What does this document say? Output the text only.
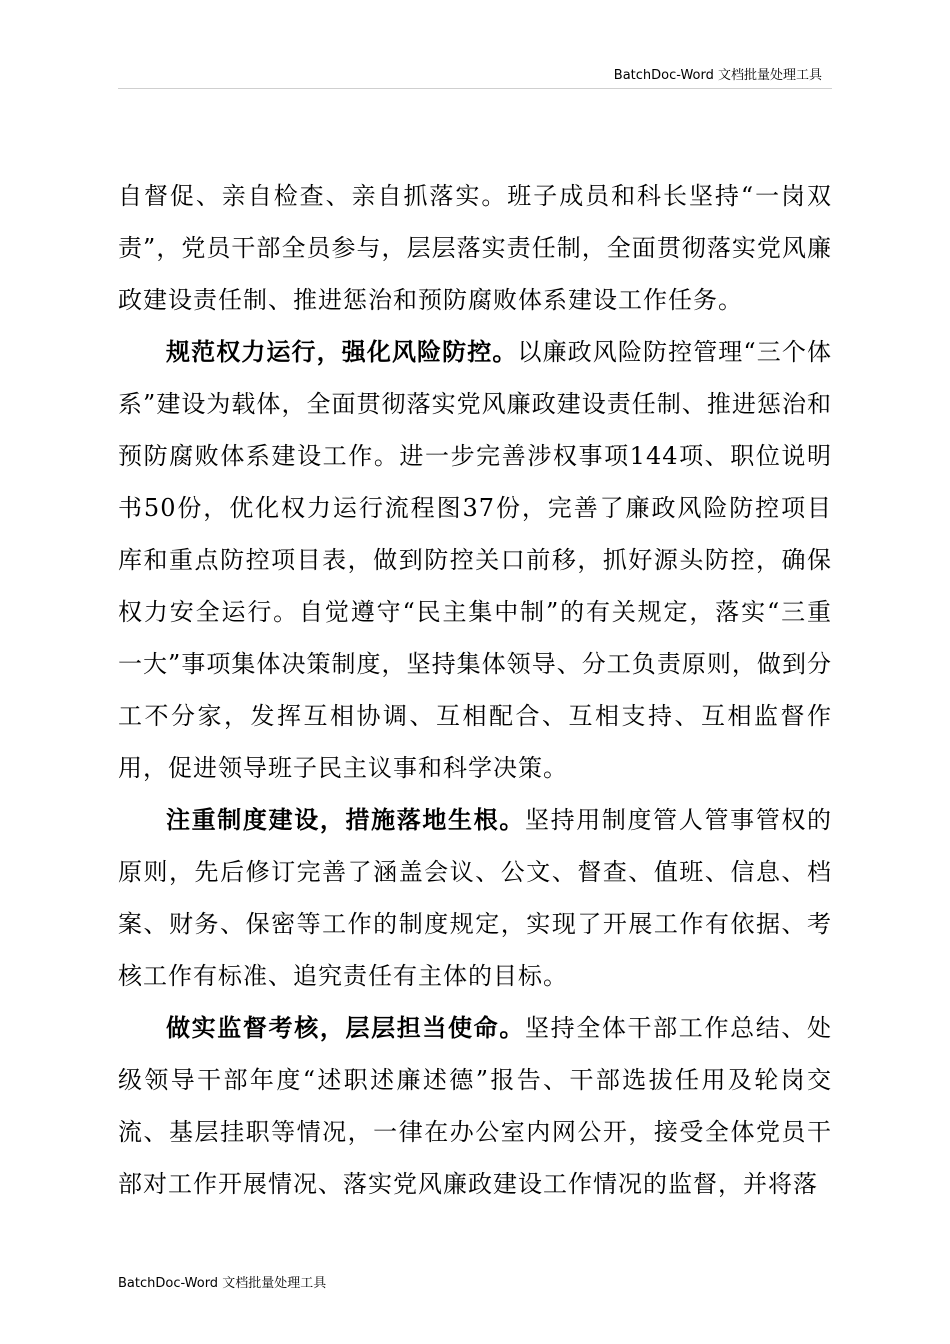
BatchDoc-Word 文档批量处理工具

自督促、亲自检查、亲自抓落实。班子成员和科长坚持“一岗双责”，党员干部全员参与，层层落实责任制，全面贯彻落实党风廉政建设责任制、推进惩治和预防腐败体系建设工作任务。

规范权力运行，强化风险防控。以廉政风险防控管理“三个体系”建设为载体，全面贯彻落实党风廉政建设责任制、推进惩治和预防腐败体系建设工作。进一步完善涉权事项144项、职位说明书50份，优化权力运行流程图37份，完善了廉政风险防控项目库和重点防控项目表，做到防控关口前移，抓好源头防控，确保权力安全运行。自觉遵守“民主集中制”的有关规定，落实“三重一大”事项集体决策制度，坚持集体领导、分工负责原则，做到分工不分家，发挥互相协调、互相配合、互相支持、互相监督作用，促进领导班子民主议事和科学决策。

注重制度建设，措施落地生根。坚持用制度管人管事管权的原则，先后修订完善了涵盖会议、公文、督查、值班、信息、档案、财务、保密等工作的制度规定，实现了开展工作有依据、考核工作有标准、追究责任有主体的目标。

做实监督考核，层层担当使命。坚持全体干部工作总结、处级领导干部年度“述职述廉述德”报告、干部选拔任用及轮岗交流、基层挂职等情况，一律在办公室内网公开，接受全体党员干部对工作开展情况、落实党风廉政建设工作情况的监督，并将落

BatchDoc-Word 文档批量处理工具
